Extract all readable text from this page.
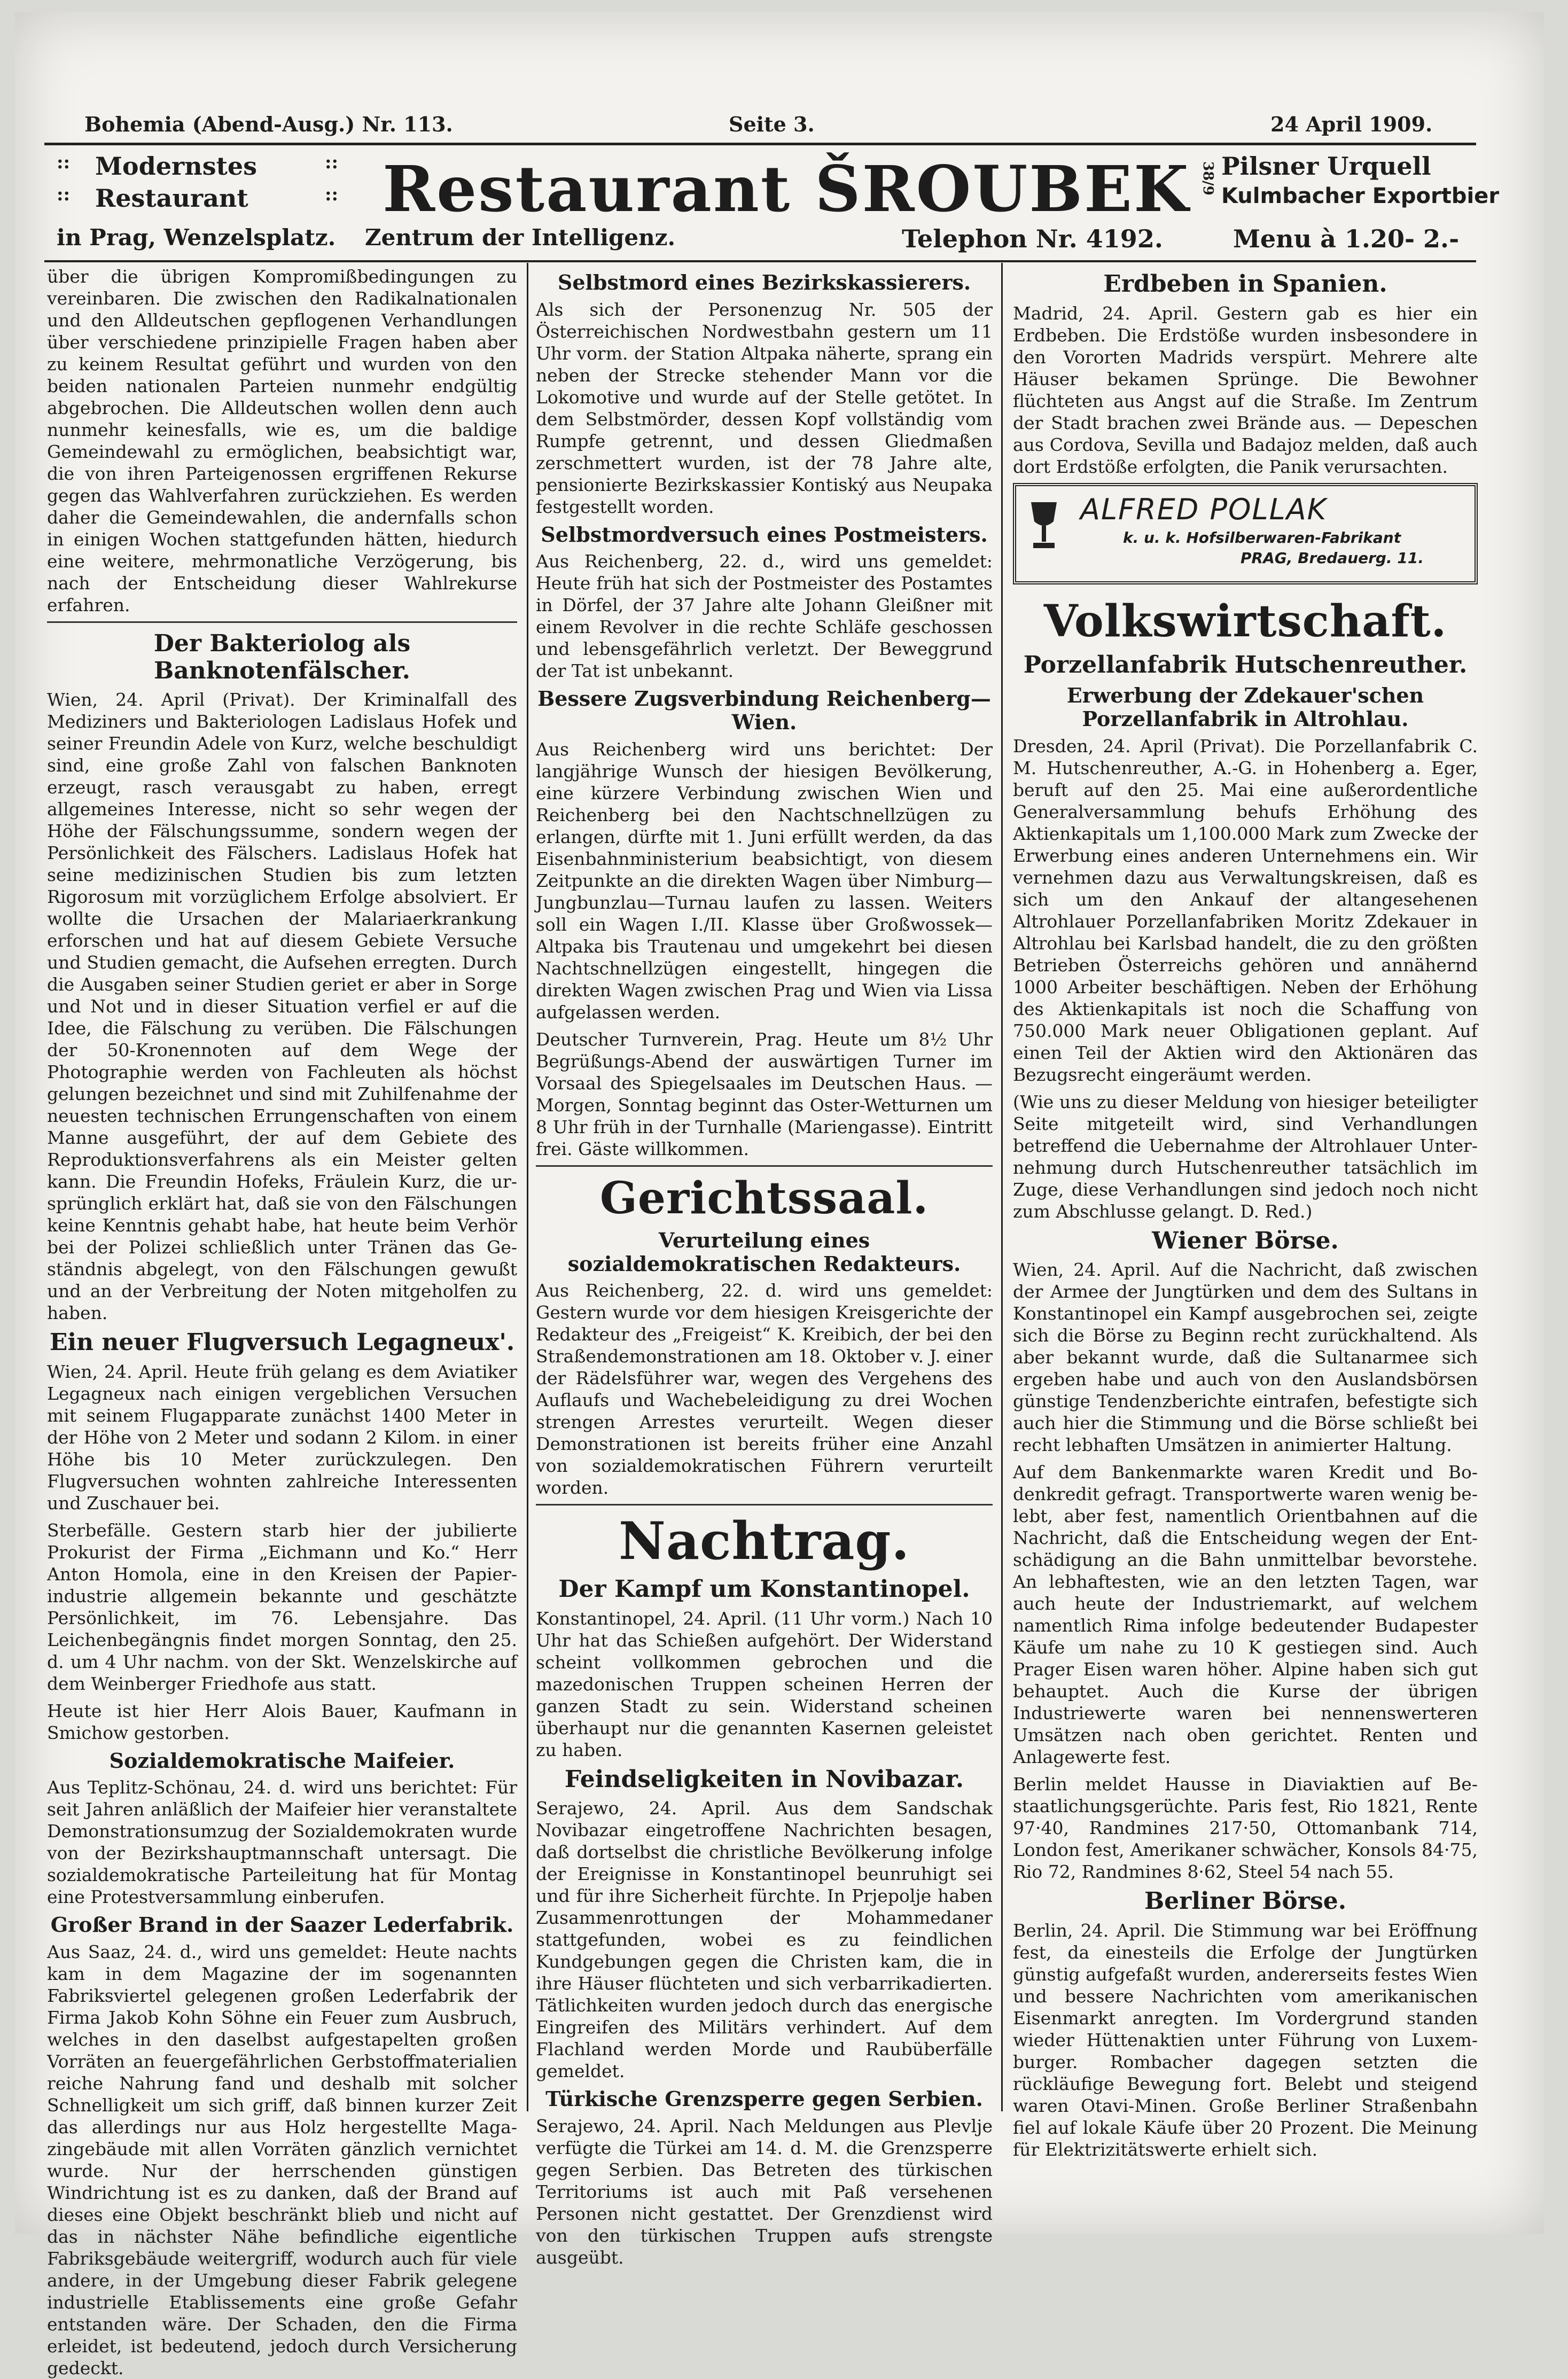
Bohemia (Abend-Ausg.) Nr. 113.	Seite 3.	24 April 1909.
:: Modernstes	::
:: Restaurant	:: Restaurant ŠROUBEK 38/9 Pilsner Urquell
Kulmbacher Exportbier
in Prag, Wenzelsplatz. Zentrum der Intelligenz.	Telephon Nr. 4192.	Menu à 1.20- 2.-

über die übrigen Kompromißbedingungen zu vereinbaren. Die zwischen den Radikalnationalen und den Alldeutschen gepflogenen Verhandlungen über verschiedene prinzipielle Fragen haben aber zu keinem Resultat geführt und wurden von den beiden nationalen Parteien nunmehr endgültig abgebrochen. Die Alldeutschen wollen denn auch nunmehr keinesfalls, wie es, um die baldige Gemeindewahl zu ermöglichen, beabsichtigt war, die von ihren Parteigenossen ergriffenen Rekurse gegen das Wahlverfahren zurückziehen. Es werden daher die Gemeindewahlen, die andernfalls schon in einigen Wochen stattgefunden hätten, hiedurch eine weitere, mehrmonatliche Verzögerung, bis nach der Entscheidung dieser Wahlrekurse erfahren.

Der Bakteriolog als Banknotenfälscher.

Wien, 24. April (Privat). Der Kriminalfall des Mediziners und Bakteriologen Ladislaus Hofek und seiner Freundin Adele von Kurz, welche beschuldigt sind, eine große Zahl von falschen Banknoten erzeugt, rasch verausgabt zu haben, erregt allgemeines Interesse, nicht so sehr wegen der Höhe der Fälschungssumme, sondern wegen der Persönlichkeit des Fälschers. Ladislaus Hofek hat seine medizinischen Studien bis zum letzten Rigorosum mit vorzüglichem Erfolge absolviert. Er wollte die Ursachen der Malariaerkrankung erforschen und hat auf diesem Gebiete Versuche und Studien gemacht, die Aufsehen erregten. Durch die Ausgaben seiner Studien geriet er aber in Sorge und Not und in dieser Situation verfiel er auf die Idee, die Fälschung zu verüben. Die Fälschungen der 50-Kronennoten auf dem Wege der Photographie werden von Fachleuten als höchst gelungen bezeichnet und sind mit Zuhilfenahme der neuesten technischen Errungenschaften von einem Manne ausgeführt, der auf dem Gebiete des Reproduktionsverfahrens als ein Meister gelten kann. Die Freundin Hofeks, Fräulein Kurz, die ursprünglich erklärt hat, daß sie von den Fälschungen keine Kenntnis gehabt habe, hat heute beim Verhör bei der Polizei schließlich unter Tränen das Geständnis abgelegt, von den Fälschungen gewußt und an der Verbreitung der Noten mitgeholfen zu haben.

Ein neuer Flugversuch Legagneux'.

Wien, 24. April. Heute früh gelang es dem Aviatiker Legagneux nach einigen vergeblichen Versuchen mit seinem Flugapparate zunächst 1400 Meter in der Höhe von 2 Meter und sodann 2 Kilom. in einer Höhe bis 10 Meter zurückzulegen. Den Flugversuchen wohnten zahlreiche Interessenten und Zuschauer bei.

Sterbefälle. Gestern starb hier der jubilierte Prokurist der Firma „Eichmann und Ko.“ Herr Anton Homola, eine in den Kreisen der Papierindustrie allgemein bekannte und geschätzte Persönlichkeit, im 76. Lebensjahre. Das Leichenbegängnis findet morgen Sonntag, den 25. d. um 4 Uhr nachm. von der Skt. Wenzelskirche auf dem Weinberger Friedhofe aus statt.

Heute ist hier Herr Alois Bauer, Kaufmann in Smichow gestorben.

Sozialdemokratische Maifeier.

Aus Teplitz-Schönau, 24. d. wird uns berichtet: Für seit Jahren anläßlich der Maifeier hier veranstaltete Demonstrationsumzug der Sozialdemokraten wurde von der Bezirkshauptmannschaft untersagt. Die sozialdemokratische Parteileitung hat für Montag eine Protestversammlung einberufen.

Großer Brand in der Saazer Lederfabrik.

Aus Saaz, 24. d., wird uns gemeldet: Heute nachts kam in dem Magazine der im sogenannten Fabriksviertel gelegenen großen Lederfabrik der Firma Jakob Kohn Söhne ein Feuer zum Ausbruch, welches in den daselbst aufgestapelten großen Vorräten an feuergefährlichen Gerbstoffmaterialien reiche Nahrung fand und deshalb mit solcher Schnelligkeit um sich griff, daß binnen kurzer Zeit das allerdings nur aus Holz hergestellte Magazingebäude mit allen Vorräten gänzlich vernichtet wurde. Nur der herrschenden günstigen Windrichtung ist es zu danken, daß der Brand auf dieses eine Objekt beschränkt blieb und nicht auf das in nächster Nähe befindliche eigentliche Fabriksgebäude weitergriff, wodurch auch für viele andere, in der Umgebung dieser Fabrik gelegene industrielle Etablissements eine große Gefahr entstanden wäre. Der Schaden, den die Firma erleidet, ist bedeutend, jedoch durch Versicherung gedeckt.

Selbstmord eines Bezirkskassierers.

Als sich der Personenzug Nr. 505 der Österreichischen Nordwestbahn gestern um 11 Uhr vorm. der Station Altpaka näherte, sprang ein neben der Strecke stehender Mann vor die Lokomotive und wurde auf der Stelle getötet. In dem Selbstmörder, dessen Kopf vollständig vom Rumpfe getrennt, und dessen Gliedmaßen zerschmettert wurden, ist der 78 Jahre alte, pensionierte Bezirkskassier Kontiský aus Neupaka festgestellt worden.

Selbstmordversuch eines Postmeisters.

Aus Reichenberg, 22. d., wird uns gemeldet: Heute früh hat sich der Postmeister des Postamtes in Dörfel, der 37 Jahre alte Johann Gleißner mit einem Revolver in die rechte Schläfe geschossen und lebensgefährlich verletzt. Der Beweggrund der Tat ist unbekannt.

Bessere Zugsverbindung Reichenberg—Wien.

Aus Reichenberg wird uns berichtet: Der langjährige Wunsch der hiesigen Bevölkerung, eine kürzere Verbindung zwischen Wien und Reichenberg bei den Nachtschnellzügen zu erlangen, dürfte mit 1. Juni erfüllt werden, da das Eisenbahnministerium beabsichtigt, von diesem Zeitpunkte an die direkten Wagen über Nimburg—Jungbunzlau—Turnau laufen zu lassen. Weiters soll ein Wagen I./II. Klasse über Großwossek—Altpaka bis Trautenau und umgekehrt bei diesen Nachtschnellzügen eingestellt, hingegen die direkten Wagen zwischen Prag und Wien via Lissa aufgelassen werden.

Deutscher Turnverein, Prag. Heute um 8½ Uhr Begrüßungs-Abend der auswärtigen Turner im Vorsaal des Spiegelsaales im Deutschen Haus. — Morgen, Sonntag beginnt das Oster-Wetturnen um 8 Uhr früh in der Turnhalle (Mariengasse). Eintritt frei. Gäste willkommen.

Gerichtssaal.
Verurteilung eines sozialdemokratischen Redakteurs.

Aus Reichenberg, 22. d. wird uns gemeldet: Gestern wurde vor dem hiesigen Kreisgerichte der Redakteur des „Freigeist“ K. Kreibich, der bei den Straßendemonstrationen am 18. Oktober v. J. einer der Rädelsführer war, wegen des Vergehens des Auflaufs und Wachebeleidigung zu drei Wochen strengen Arrestes verurteilt. Wegen dieser Demonstrationen ist bereits früher eine Anzahl von sozialdemokratischen Führern verurteilt worden.

Nachtrag.
Der Kampf um Konstantinopel.

Konstantinopel, 24. April. (11 Uhr vorm.) Nach 10 Uhr hat das Schießen aufgehört. Der Widerstand scheint vollkommen gebrochen und die mazedonischen Truppen scheinen Herren der ganzen Stadt zu sein. Widerstand scheinen überhaupt nur die genannten Kasernen geleistet zu haben.

Feindseligkeiten in Novibazar.

Serajewo, 24. April. Aus dem Sandschak Novibazar eingetroffene Nachrichten besagen, daß dortselbst die christliche Bevölkerung infolge der Ereignisse in Konstantinopel beunruhigt sei und für ihre Sicherheit fürchte. In Prjepolje haben Zusammenrottungen der Mohammedaner stattgefunden, wobei es zu feindlichen Kundgebungen gegen die Christen kam, die in ihre Häuser flüchteten und sich verbarrikadierten. Tätlichkeiten wurden jedoch durch das energische Eingreifen des Militärs verhindert. Auf dem Flachland werden Morde und Raubüberfälle gemeldet.

Türkische Grenzsperre gegen Serbien.

Serajewo, 24. April. Nach Meldungen aus Plevlje verfügte die Türkei am 14. d. M. die Grenzsperre gegen Serbien. Das Betreten des türkischen Territoriums ist auch mit Paß versehenen Personen nicht gestattet. Der Grenzdienst wird von den türkischen Truppen aufs strengste ausgeübt.

Erdbeben in Spanien.

Madrid, 24. April. Gestern gab es hier ein Erdbeben. Die Erdstöße wurden insbesondere in den Vororten Madrids verspürt. Mehrere alte Häuser bekamen Sprünge. Die Bewohner flüchteten aus Angst auf die Straße. Im Zentrum der Stadt brachen zwei Brände aus. — Depeschen aus Cordova, Sevilla und Badajoz melden, daß auch dort Erdstöße erfolgten, die Panik verursachten.

ALFRED POLLAK
k. u. k. Hofsilberwaren-Fabrikant
PRAG, Bredauerg. 11.
Volkswirtschaft.
Porzellanfabrik Hutschenreuther.
Erwerbung der Zdekauer'schen Porzellanfabrik in Altrohlau.

Dresden, 24. April (Privat). Die Porzellanfabrik C. M. Hutschenreuther, A.-G. in Hohenberg a. Eger, beruft auf den 25. Mai eine außerordentliche Generalversammlung behufs Erhöhung des Aktienkapitals um 1,100.000 Mark zum Zwecke der Erwerbung eines anderen Unternehmens ein. Wir vernehmen dazu aus Verwaltungskreisen, daß es sich um den Ankauf der altangesehenen Altrohlauer Porzellanfabriken Moritz Zdekauer in Altrohlau bei Karlsbad handelt, die zu den größten Betrieben Österreichs gehören und annähernd 1000 Arbeiter beschäftigen. Neben der Erhöhung des Aktienkapitals ist noch die Schaffung von 750.000 Mark neuer Obligationen geplant. Auf einen Teil der Aktien wird den Aktionären das Bezugsrecht eingeräumt werden.

(Wie uns zu dieser Meldung von hiesiger beteiligter Seite mitgeteilt wird, sind Verhandlungen betreffend die Uebernahme der Altrohlauer Unternehmung durch Hutschenreuther tatsächlich im Zuge, diese Verhandlungen sind jedoch noch nicht zum Abschlusse gelangt. D. Red.)

Wiener Börse.

Wien, 24. April. Auf die Nachricht, daß zwischen der Armee der Jungtürken und dem des Sultans in Konstantinopel ein Kampf ausgebrochen sei, zeigte sich die Börse zu Beginn recht zurückhaltend. Als aber bekannt wurde, daß die Sultanarmee sich ergeben habe und auch von den Auslandsbörsen günstige Tendenzberichte eintrafen, befestigte sich auch hier die Stimmung und die Börse schließt bei recht lebhaften Umsätzen in animierter Haltung.

Auf dem Bankenmarkte waren Kredit und Bodenkredit gefragt. Transportwerte waren wenig belebt, aber fest, namentlich Orientbahnen auf die Nachricht, daß die Entscheidung wegen der Entschädigung an die Bahn unmittelbar bevorstehe. An lebhaftesten, wie an den letzten Tagen, war auch heute der Industriemarkt, auf welchem namentlich Rima infolge bedeutender Budapester Käufe um nahe zu 10 K gestiegen sind. Auch Prager Eisen waren höher. Alpine haben sich gut behauptet. Auch die Kurse der übrigen Industriewerte waren bei nennenswerteren Umsätzen nach oben gerichtet. Renten und Anlagewerte fest.

Berlin meldet Hausse in Diaviaktien auf Bestaatlichungsgerüchte. Paris fest, Rio 1821, Rente 97·40, Randmines 217·50, Ottomanbank 714, London fest, Amerikaner schwächer, Konsols 84·75, Rio 72, Randmines 8·62, Steel 54 nach 55.

Berliner Börse.

Berlin, 24. April. Die Stimmung war bei Eröffnung fest, da einesteils die Erfolge der Jungtürken günstig aufgefaßt wurden, andererseits festes Wien und bessere Nachrichten vom amerikanischen Eisenmarkt anregten. Im Vordergrund standen wieder Hüttenaktien unter Führung von Luxemburger. Rombacher dagegen setzten die rückläufige Bewegung fort. Belebt und steigend waren Otavi-Minen. Große Berliner Straßenbahn fiel auf lokale Käufe über 20 Prozent. Die Meinung für Elektrizitätswerte erhielt sich.
